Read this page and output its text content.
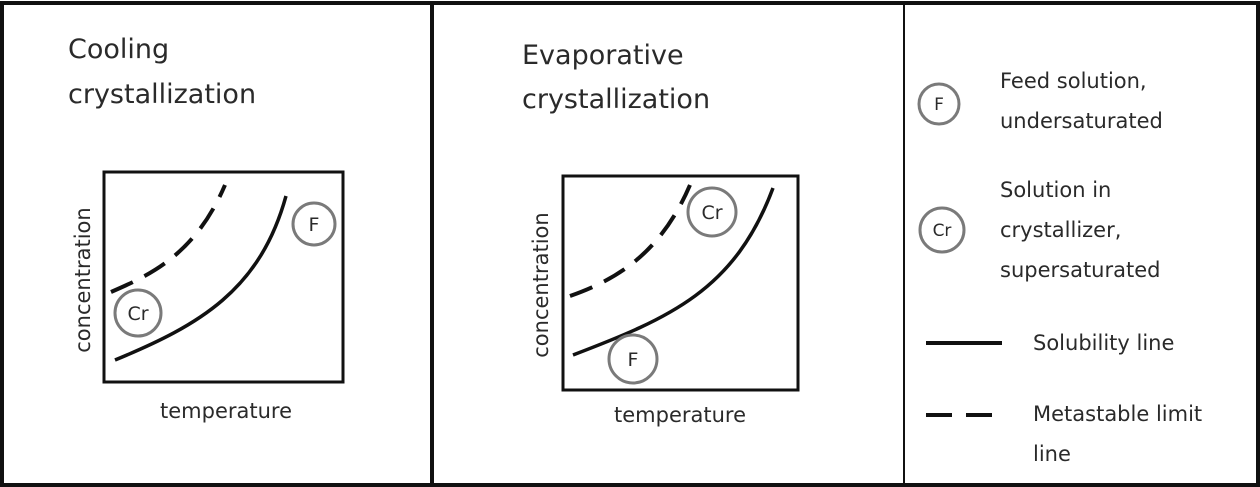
Cooling
crystallization
F
Cr
temperature
concentration
Evaporative
crystallization
Cr
F
temperature
concentration
F
Feed solution,
undersaturated
Cr
Solution in
crystallizer,
supersaturated
Solubility line
Metastable limit
line
